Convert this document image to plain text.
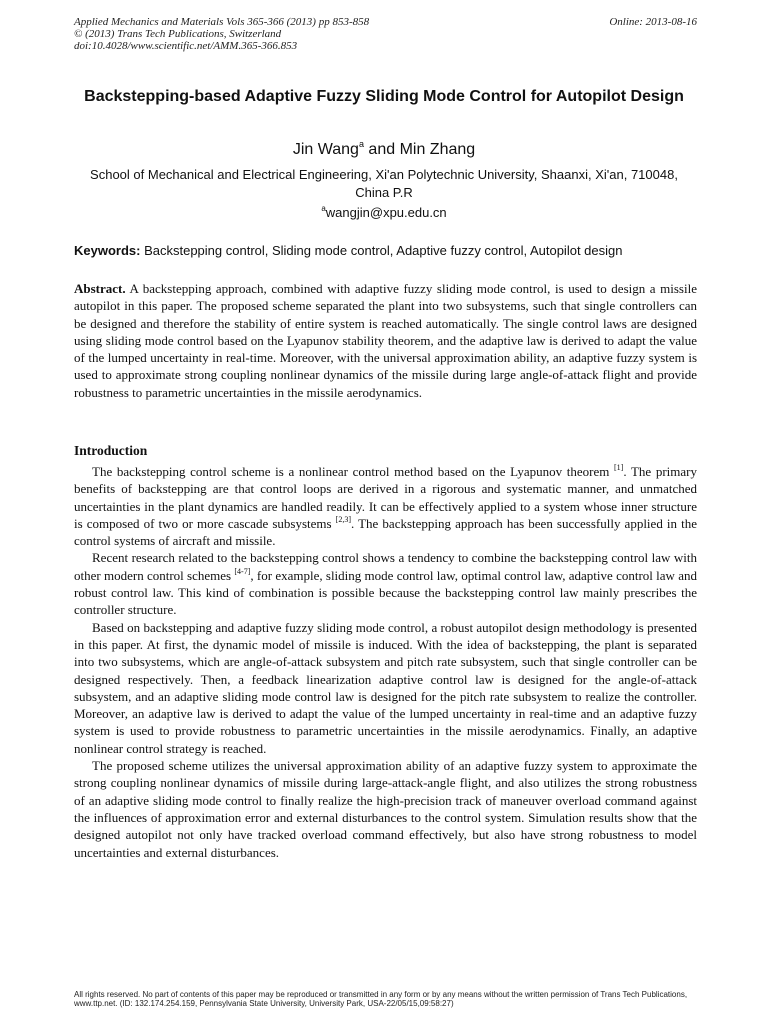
Applied Mechanics and Materials Vols 365-366 (2013) pp 853-858
© (2013) Trans Tech Publications, Switzerland
doi:10.4028/www.scientific.net/AMM.365-366.853
Online: 2013-08-16
Backstepping-based Adaptive Fuzzy Sliding Mode Control for Autopilot Design
Jin Wang$^a$ and Min Zhang
School of Mechanical and Electrical Engineering, Xi'an Polytechnic University, Shaanxi, Xi'an, 710048, China P.R
$^a$wangjin@xpu.edu.cn
Keywords: Backstepping control, Sliding mode control, Adaptive fuzzy control, Autopilot design
Abstract. A backstepping approach, combined with adaptive fuzzy sliding mode control, is used to design a missile autopilot in this paper. The proposed scheme separated the plant into two subsystems, such that single controllers can be designed and therefore the stability of entire system is reached automatically. The single control laws are designed using sliding mode control based on the Lyapunov stability theorem, and the adaptive law is derived to adapt the value of the lumped uncertainty in real-time. Moreover, with the universal approximation ability, an adaptive fuzzy system is used to approximate strong coupling nonlinear dynamics of the missile during large angle-of-attack flight and provide robustness to parametric uncertainties in the missile aerodynamics.
Introduction

The backstepping control scheme is a nonlinear control method based on the Lyapunov theorem [1]. The primary benefits of backstepping are that control loops are derived in a rigorous and systematic manner, and unmatched uncertainties in the plant dynamics are handled readily. It can be effectively applied to a system whose inner structure is composed of two or more cascade subsystems [2,3]. The backstepping approach has been successfully applied in the control systems of aircraft and missile.

Recent research related to the backstepping control shows a tendency to combine the backstepping control law with other modern control schemes [4-7], for example, sliding mode control law, optimal control law, adaptive control law and robust control law. This kind of combination is possible because the backstepping control law mainly prescribes the controller structure.

Based on backstepping and adaptive fuzzy sliding mode control, a robust autopilot design methodology is presented in this paper. At first, the dynamic model of missile is induced. With the idea of backstepping, the plant is separated into two subsystems, which are angle-of-attack subsystem and pitch rate subsystem, such that single controller can be designed respectively. Then, a feedback linearization adaptive control law is designed for the angle-of-attack subsystem, and an adaptive sliding mode control law is designed for the pitch rate subsystem to realize the controller. Moreover, an adaptive law is derived to adapt the value of the lumped uncertainty in real-time and an adaptive fuzzy system is used to provide robustness to parametric uncertainties in the missile aerodynamics. Finally, an adaptive nonlinear control strategy is reached.

The proposed scheme utilizes the universal approximation ability of an adaptive fuzzy system to approximate the strong coupling nonlinear dynamics of missile during large-attack-angle flight, and also utilizes the strong robustness of an adaptive sliding mode control to finally realize the high-precision track of maneuver overload command against the influences of approximation error and external disturbances to the control system. Simulation results show that the designed autopilot not only have tracked overload command effectively, but also have strong robustness to model uncertainties and external disturbances.

All rights reserved. No part of contents of this paper may be reproduced or transmitted in any form or by any means without the written permission of Trans Tech Publications, www.ttp.net. (ID: 132.174.254.159, Pennsylvania State University, University Park, USA-22/05/15,09:58:27)
